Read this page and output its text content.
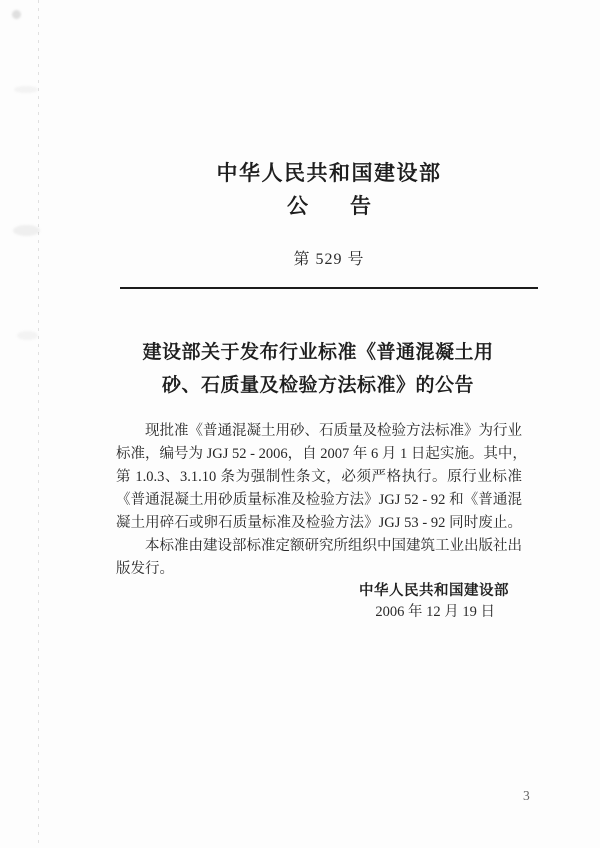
中华人民共和国建设部
公　　告
第 529 号
建设部关于发布行业标准《普通混凝土用
砂、石质量及检验方法标准》的公告
现批准《普通混凝土用砂、石质量及检验方法标准》为行业
标准，编号为 JGJ 52 - 2006，自 2007 年 6 月 1 日起实施。其中，
第 1.0.3、3.1.10 条为强制性条文，必须严格执行。原行业标准
《普通混凝土用砂质量标准及检验方法》JGJ 52 - 92 和《普通混
凝土用碎石或卵石质量标准及检验方法》JGJ 53 - 92 同时废止。
本标准由建设部标准定额研究所组织中国建筑工业出版社出
版发行。
中华人民共和国建设部
2006 年 12 月 19 日
3
